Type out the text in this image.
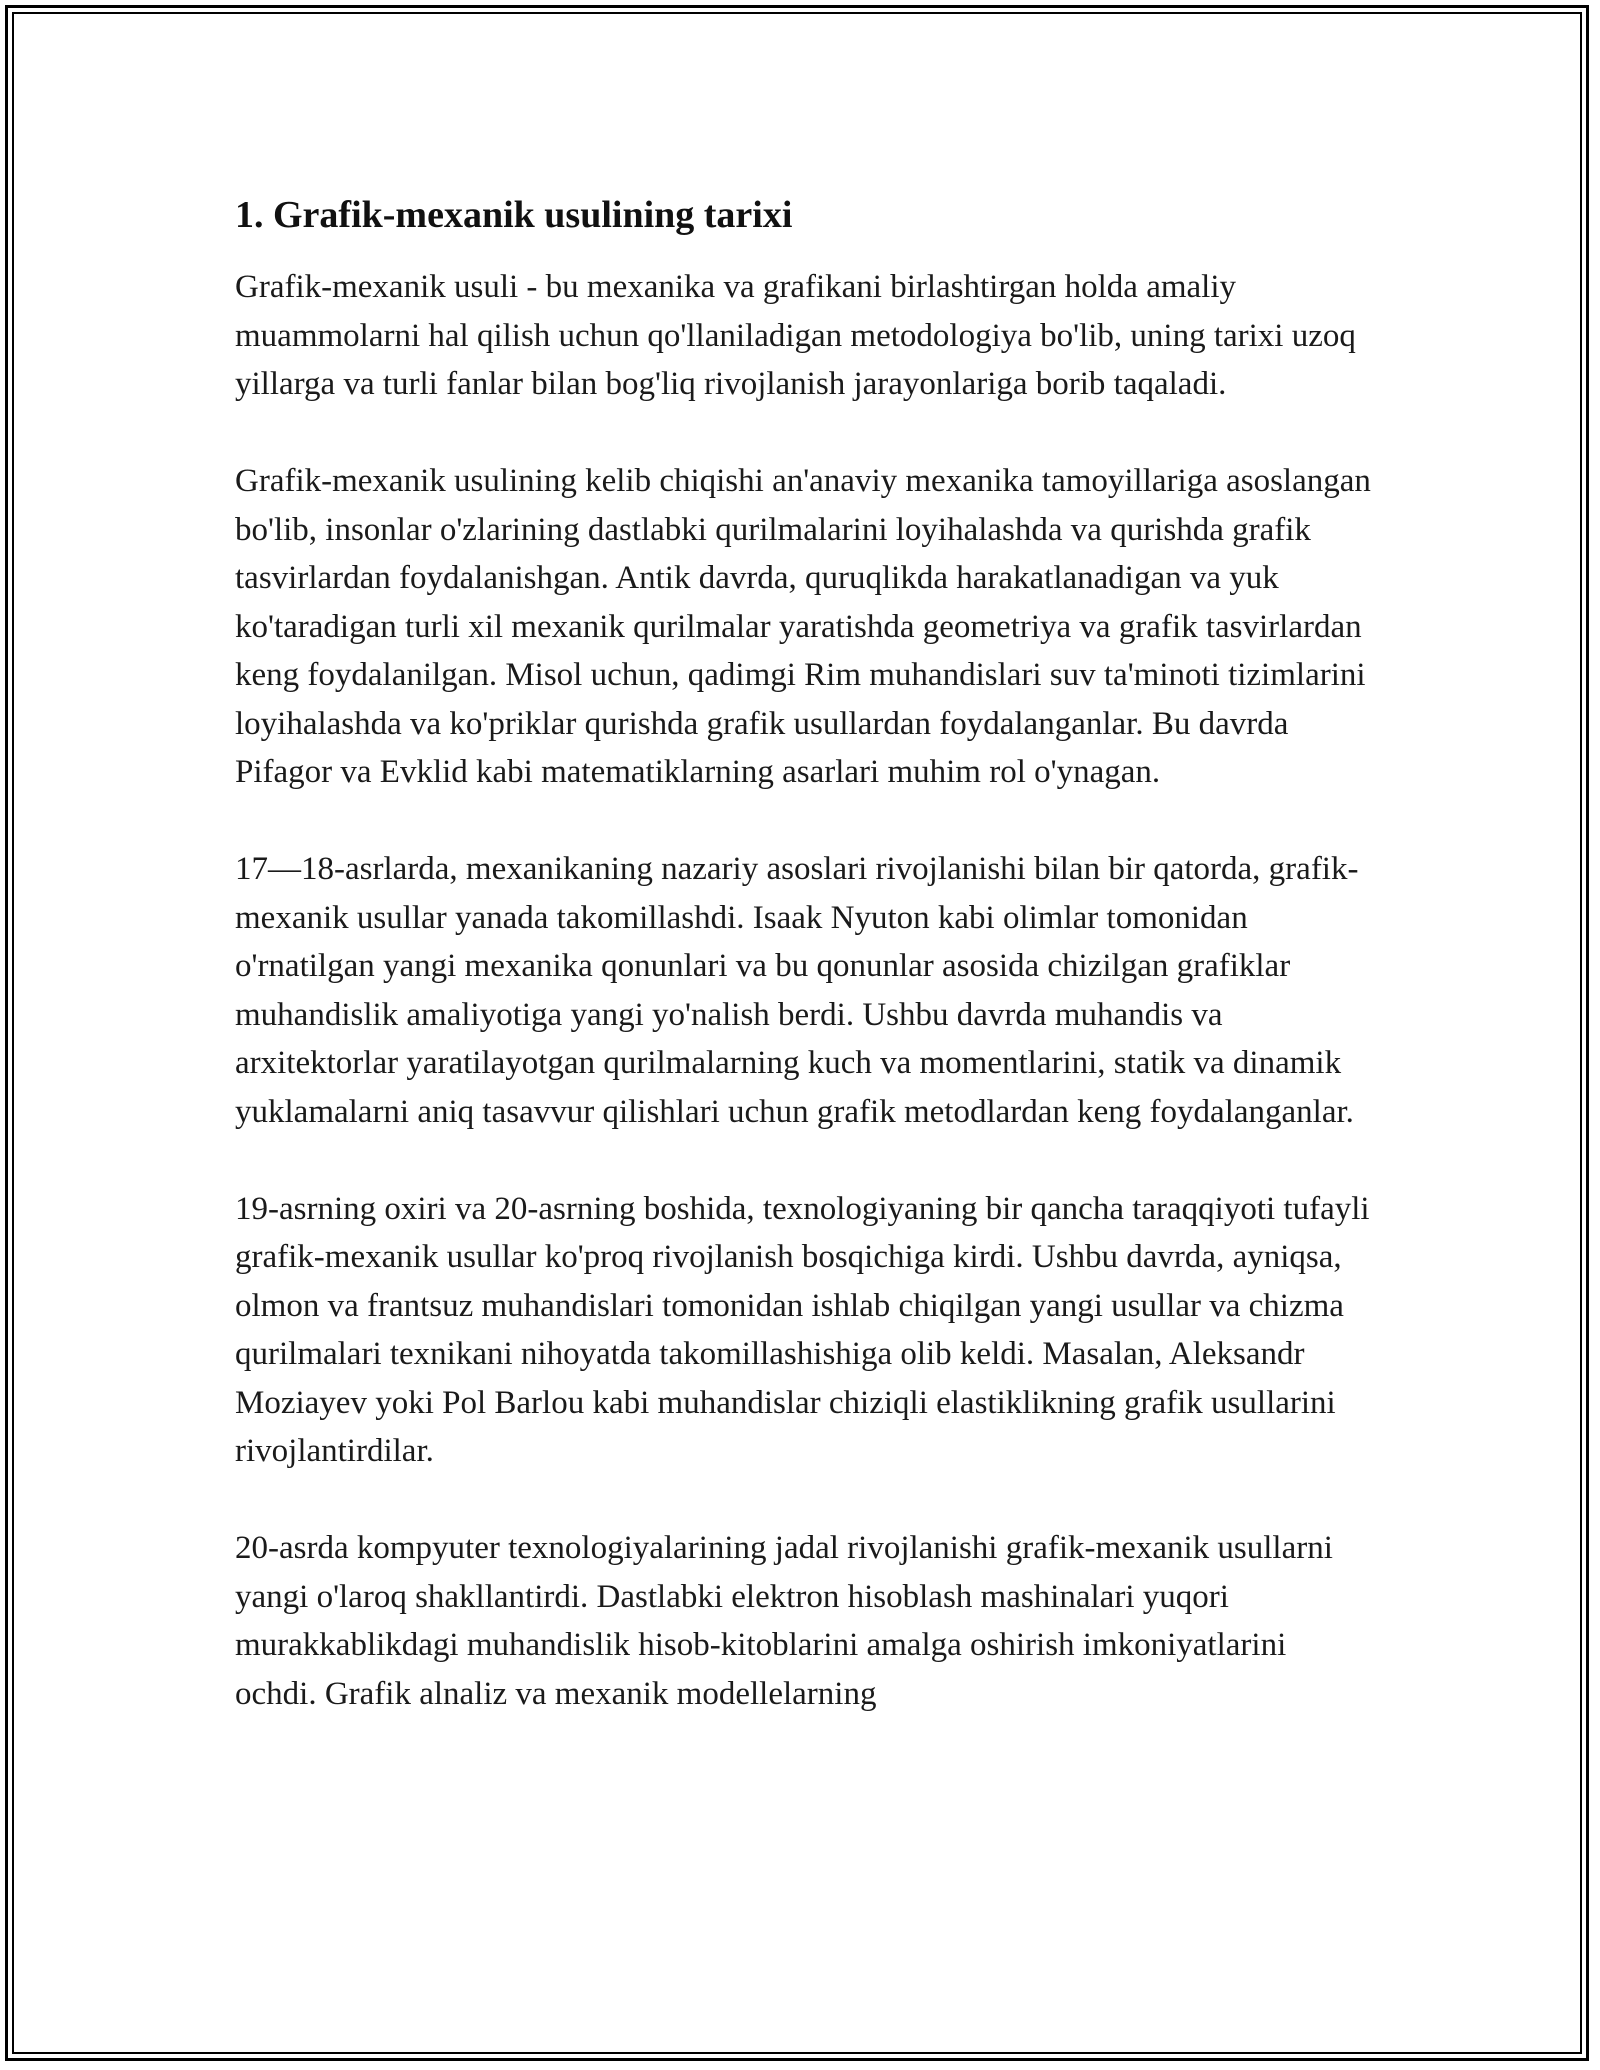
1. Grafik-mexanik usulining tarixi

Grafik-mexanik usuli - bu mexanika va grafikani birlashtirgan holda amaliy muammolarni hal qilish uchun qo'llaniladigan metodologiya bo'lib, uning tarixi uzoq yillarga va turli fanlar bilan bog'liq rivojlanish jarayonlariga borib taqaladi.

Grafik-mexanik usulining kelib chiqishi an'anaviy mexanika tamoyillariga asoslangan bo'lib, insonlar o'zlarining dastlabki qurilmalarini loyihalashda va qurishda grafik tasvirlardan foydalanishgan. Antik davrda, quruqlikda harakatlanadigan va yuk ko'taradigan turli xil mexanik qurilmalar yaratishda geometriya va grafik tasvirlardan keng foydalanilgan. Misol uchun, qadimgi Rim muhandislari suv ta'minoti tizimlarini loyihalashda va ko'priklar qurishda grafik usullardan foydalanganlar. Bu davrda Pifagor va Evklid kabi matematiklarning asarlari muhim rol o'ynagan.

17—18-asrlarda, mexanikaning nazariy asoslari rivojlanishi bilan bir qatorda, grafik-mexanik usullar yanada takomillashdi. Isaak Nyuton kabi olimlar tomonidan o'rnatilgan yangi mexanika qonunlari va bu qonunlar asosida chizilgan grafiklar muhandislik amaliyotiga yangi yo'nalish berdi. Ushbu davrda muhandis va arxitektorlar yaratilayotgan qurilmalarning kuch va momentlarini, statik va dinamik yuklamalarni aniq tasavvur qilishlari uchun grafik metodlardan keng foydalanganlar.

19-asrning oxiri va 20-asrning boshida, texnologiyaning bir qancha taraqqiyoti tufayli grafik-mexanik usullar ko'proq rivojlanish bosqichiga kirdi. Ushbu davrda, ayniqsa, olmon va frantsuz muhandislari tomonidan ishlab chiqilgan yangi usullar va chizma qurilmalari texnikani nihoyatda takomillashishiga olib keldi. Masalan, Aleksandr Moziayev yoki Pol Barlou kabi muhandislar chiziqli elastiklikning grafik usullarini rivojlantirdilar.

20-asrda kompyuter texnologiyalarining jadal rivojlanishi grafik-mexanik usullarni yangi o'laroq shakllantirdi. Dastlabki elektron hisoblash mashinalari yuqori murakkablikdagi muhandislik hisob-kitoblarini amalga oshirish imkoniyatlarini ochdi. Grafik alnaliz va mexanik modellelarning
